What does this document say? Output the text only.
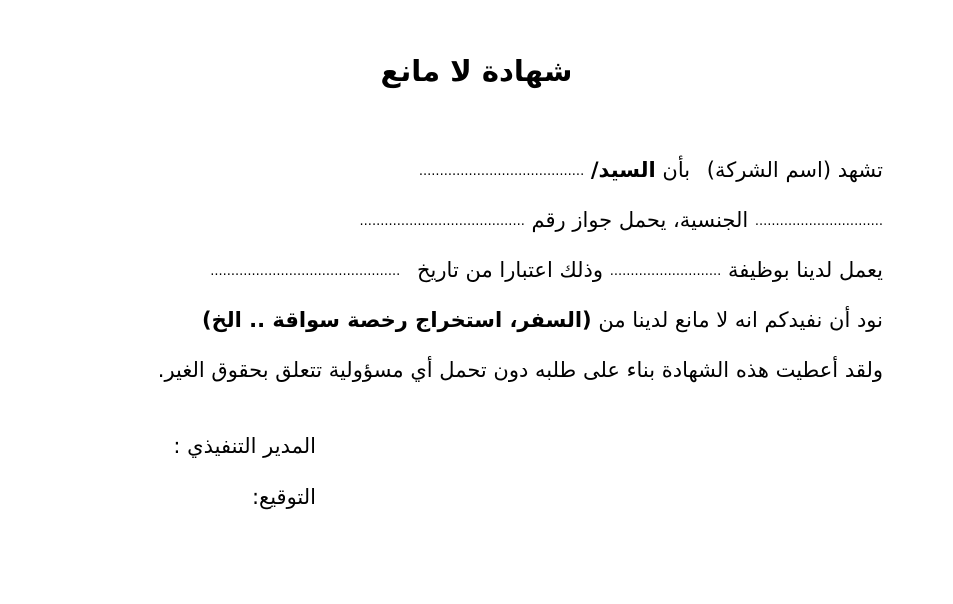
شهادة لا مانع
تشهد (اسم الشركة) بأن السيد/ ........................................
............................... الجنسية، يحمل جواز رقم ........................................
يعمل لدينا بوظيفة ........................... وذلك اعتبارا من تاريخ ..............................................
نود أن نفيدكم انه لا مانع لدينا من (السفر، استخراج رخصة سواقة .. الخ)
ولقد أعطيت هذه الشهادة بناء على طلبه دون تحمل أي مسؤولية تتعلق بحقوق الغير.
المدير التنفيذي :
التوقيع:
